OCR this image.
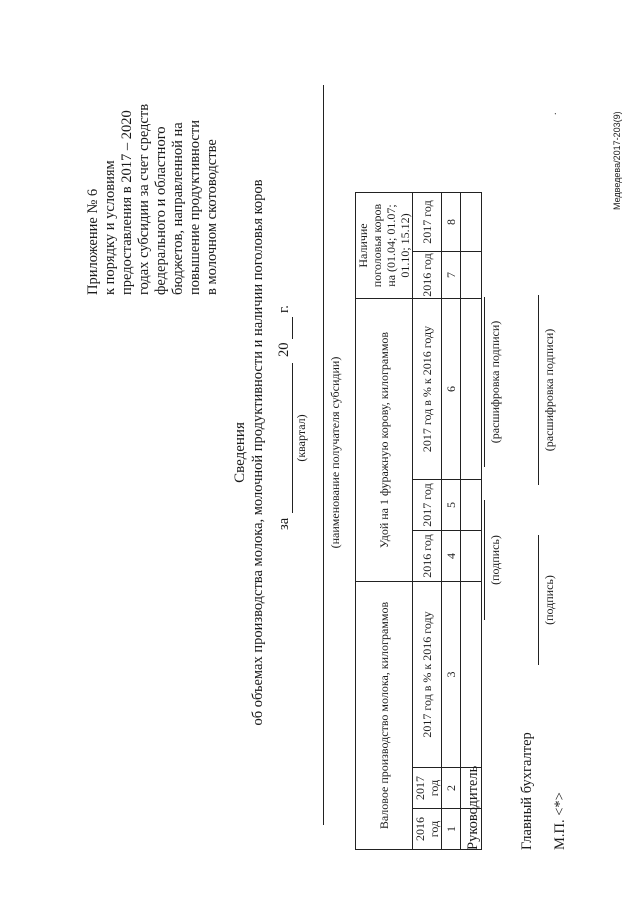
Приложение № 6 к порядку и условиям предоставления в 2017 – 2020 годах субсидии за счет средств федерального и областного бюджетов, направленной на повышение продуктивности в молочном скотоводстве
Сведения об объемах производства молока, молочной продуктивности и наличии поголовья коров за
20
г.
(квартал) (наименование получателя субсидии)
Валовое производство молока, килограммов			Удой на 1 фуражную корову, килограммов			Наличие поголовья коров на (01.04; 01.07; 01.10; 15.12)	
2016 год	2017 год	2017 год в % к 2016 году	2016 год	2017 год	2017 год в % к 2016 году	2016 год	2017 год
1	2	3	4	5	6	7	8

Руководитель
(подпись)
(расшифровка подписи)
Главный бухгалтер
(подпись)
(расшифровка подписи)
М.П. <*>
Медведева/2017-203(9)
.
